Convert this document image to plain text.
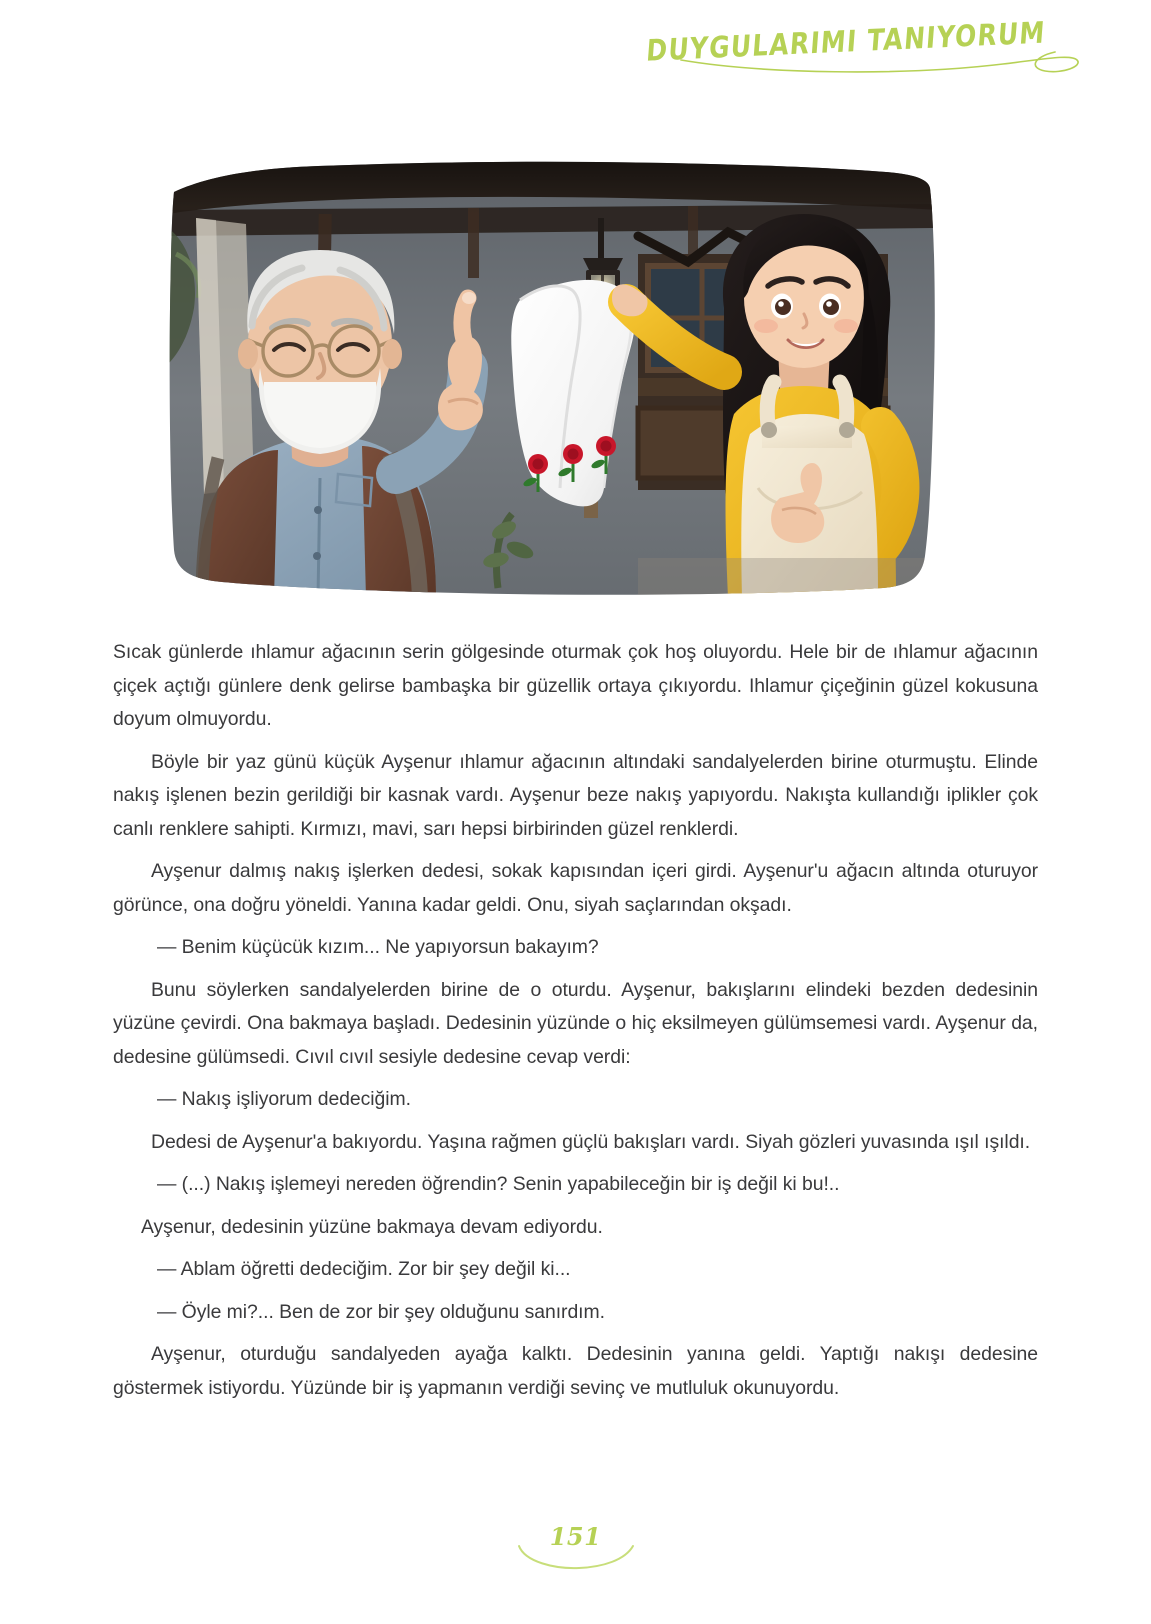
DUYGULARIMI TANIYORUM

Sıcak günlerde ıhlamur ağacının serin gölgesinde oturmak çok hoş oluyordu. Hele bir de ıhlamur ağacının çiçek açtığı günlere denk gelirse bambaşka bir güzellik ortaya çıkıyordu. Ihlamur çiçeğinin güzel kokusuna doyum olmuyordu.

Böyle bir yaz günü küçük Ayşenur ıhlamur ağacının altındaki sandalyelerden birine oturmuştu. Elinde nakış işlenen bezin gerildiği bir kasnak vardı. Ayşenur beze nakış yapıyordu. Nakışta kullandığı iplikler çok canlı renklere sahipti. Kırmızı, mavi, sarı hepsi birbirinden güzel renklerdi.

Ayşenur dalmış nakış işlerken dedesi, sokak kapısından içeri girdi. Ayşenur'u ağacın altında oturuyor görünce, ona doğru yöneldi. Yanına kadar geldi. Onu, siyah saçlarından okşadı.

— Benim küçücük kızım... Ne yapıyorsun bakayım?

Bunu söylerken sandalyelerden birine de o oturdu. Ayşenur, bakışlarını elindeki bezden dedesinin yüzüne çevirdi. Ona bakmaya başladı. Dedesinin yüzünde o hiç eksilmeyen gülümsemesi vardı. Ayşenur da, dedesine gülümsedi. Cıvıl cıvıl sesiyle dedesine cevap verdi:

— Nakış işliyorum dedeciğim.

Dedesi de Ayşenur'a bakıyordu. Yaşına rağmen güçlü bakışları vardı. Siyah gözleri yuvasında ışıl ışıldı.

— (...) Nakış işlemeyi nereden öğrendin? Senin yapabileceğin bir iş değil ki bu!..

Ayşenur, dedesinin yüzüne bakmaya devam ediyordu.

— Ablam öğretti dedeciğim. Zor bir şey değil ki...

— Öyle mi?... Ben de zor bir şey olduğunu sanırdım.

Ayşenur, oturduğu sandalyeden ayağa kalktı. Dedesinin yanına geldi. Yaptığı nakışı dedesine göstermek istiyordu. Yüzünde bir iş yapmanın verdiği sevinç ve mutluluk okunuyordu.

151
